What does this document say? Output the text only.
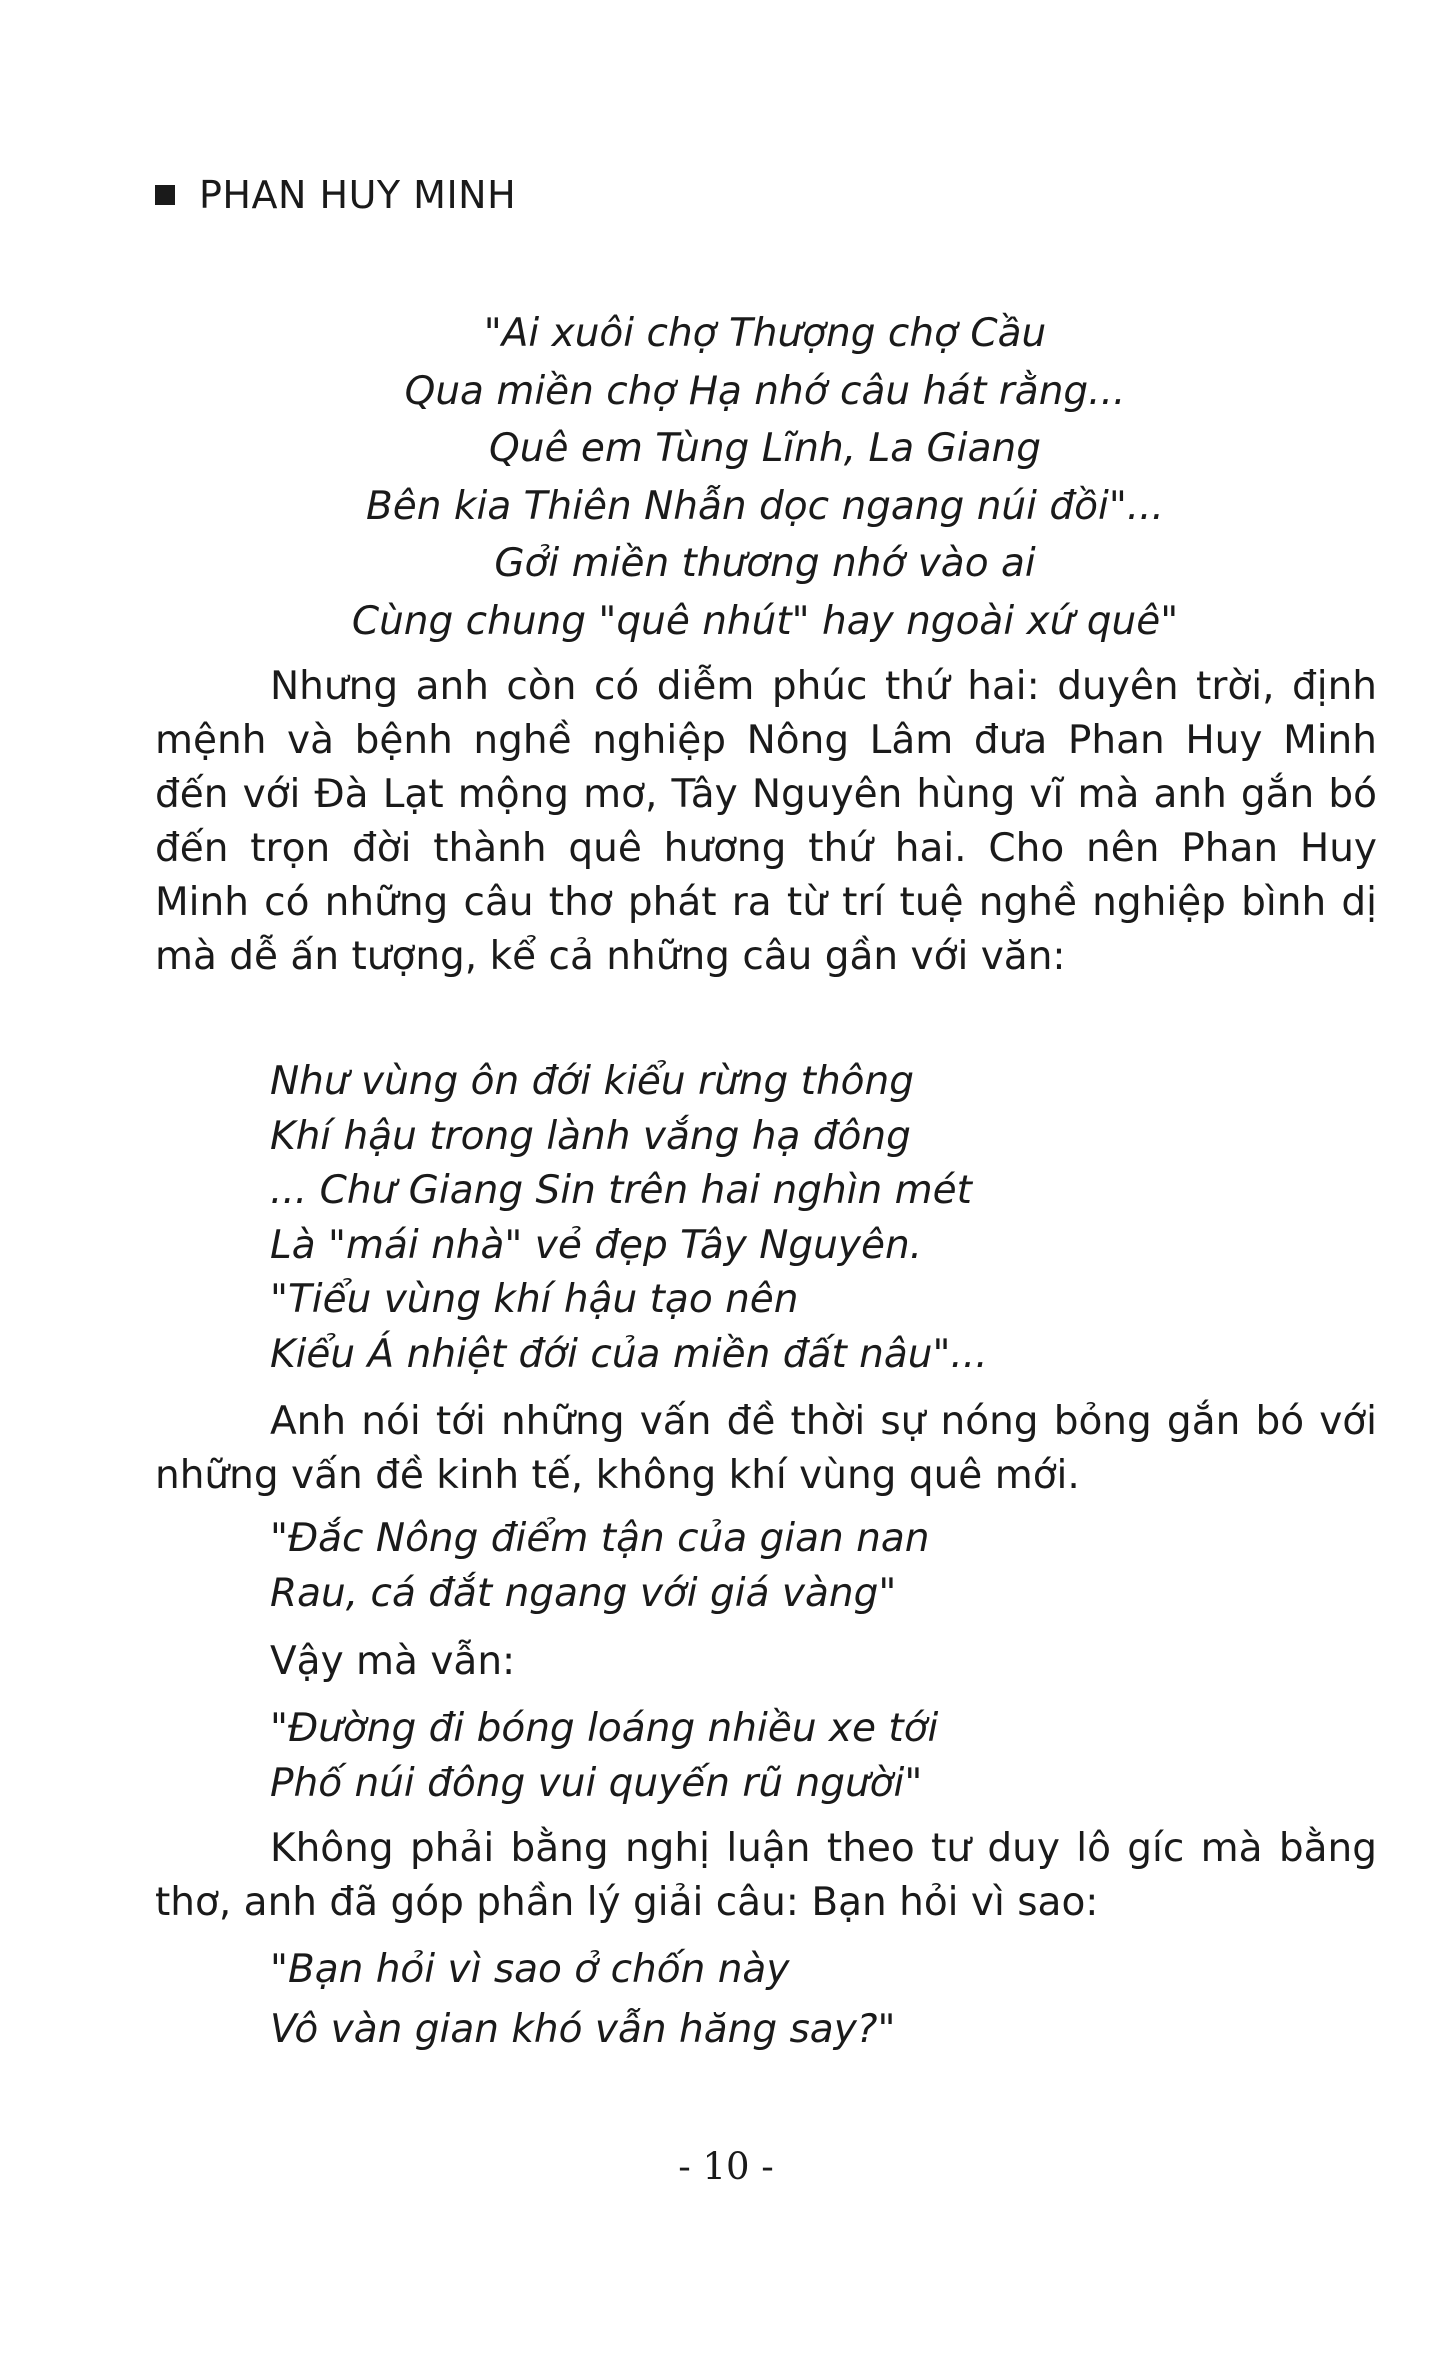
PHAN HUY MINH
"Ai xuôi chợ Thượng chợ Cầu
Qua miền chợ Hạ nhớ câu hát rằng...
Quê em Tùng Lĩnh, La Giang
Bên kia Thiên Nhẫn dọc ngang núi đồi"...
Gởi miền thương nhớ vào ai
Cùng chung "quê nhút" hay ngoài xứ quê"

Nhưng anh còn có diễm phúc thứ hai: duyên trời, định mệnh và bệnh nghề nghiệp Nông Lâm đưa Phan Huy Minh đến với Đà Lạt mộng mơ, Tây Nguyên hùng vĩ mà anh gắn bó đến trọn đời thành quê hương thứ hai. Cho nên Phan Huy Minh có những câu thơ phát ra từ trí tuệ nghề nghiệp bình dị mà dễ ấn tượng, kể cả những câu gần với văn:

Như vùng ôn đới kiểu rừng thông
Khí hậu trong lành vắng hạ đông
... Chư Giang Sin trên hai nghìn mét
Là "mái nhà" vẻ đẹp Tây Nguyên.
"Tiểu vùng khí hậu tạo nên
Kiểu Á nhiệt đới của miền đất nâu"...

Anh nói tới những vấn đề thời sự nóng bỏng gắn bó với những vấn đề kinh tế, không khí vùng quê mới.

"Đắc Nông điểm tận của gian nan
Rau, cá đắt ngang với giá vàng"
Vậy mà vẫn:
"Đường đi bóng loáng nhiều xe tới
Phố núi đông vui quyến rũ người"

Không phải bằng nghị luận theo tư duy lô gíc mà bằng thơ, anh đã góp phần lý giải câu: Bạn hỏi vì sao:

"Bạn hỏi vì sao ở chốn này
Vô vàn gian khó vẫn hăng say?"
- 10 -
